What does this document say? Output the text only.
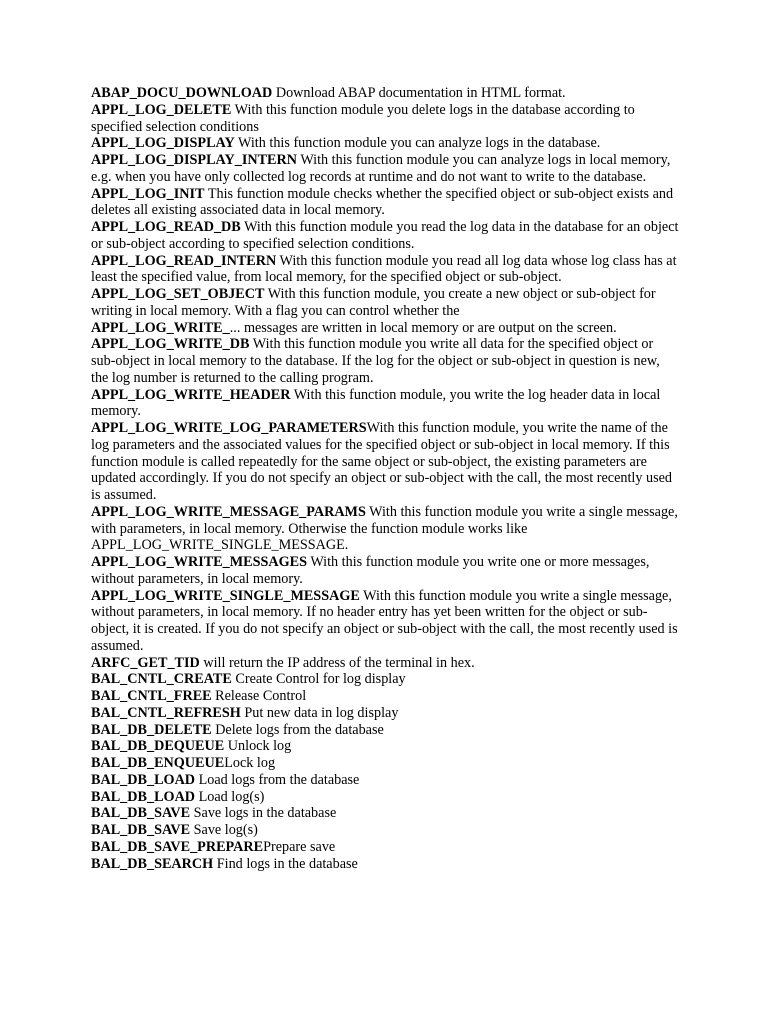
ABAP_DOCU_DOWNLOAD Download ABAP documentation in HTML format.
APPL_LOG_DELETE With this function module you delete logs in the database according to specified selection conditions
APPL_LOG_DISPLAY With this function module you can analyze logs in the database.
APPL_LOG_DISPLAY_INTERN With this function module you can analyze logs in local memory, e.g. when you have only collected log records at runtime and do not want to write to the database.
APPL_LOG_INIT This function module checks whether the specified object or sub-object exists and deletes all existing associated data in local memory.
APPL_LOG_READ_DB With this function module you read the log data in the database for an object or sub-object according to specified selection conditions.
APPL_LOG_READ_INTERN With this function module you read all log data whose log class has at least the specified value, from local memory, for the specified object or sub-object.
APPL_LOG_SET_OBJECT With this function module, you create a new object or sub-object for writing in local memory. With a flag you can control whether the
APPL_LOG_WRITE_... messages are written in local memory or are output on the screen.
APPL_LOG_WRITE_DB With this function module you write all data for the specified object or sub-object in local memory to the database. If the log for the object or sub-object in question is new, the log number is returned to the calling program.
APPL_LOG_WRITE_HEADER With this function module, you write the log header data in local memory.
APPL_LOG_WRITE_LOG_PARAMETERSWith this function module, you write the name of the log parameters and the associated values for the specified object or sub-object in local memory. If this function module is called repeatedly for the same object or sub-object, the existing parameters are updated accordingly. If you do not specify an object or sub-object with the call, the most recently used is assumed.
APPL_LOG_WRITE_MESSAGE_PARAMS With this function module you write a single message, with parameters, in local memory. Otherwise the function module works like APPL_LOG_WRITE_SINGLE_MESSAGE.
APPL_LOG_WRITE_MESSAGES With this function module you write one or more messages, without parameters, in local memory.
APPL_LOG_WRITE_SINGLE_MESSAGE With this function module you write a single message, without parameters, in local memory. If no header entry has yet been written for the object or sub-object, it is created. If you do not specify an object or sub-object with the call, the most recently used is assumed.
ARFC_GET_TID will return the IP address of the terminal in hex.
BAL_CNTL_CREATE Create Control for log display
BAL_CNTL_FREE Release Control
BAL_CNTL_REFRESH Put new data in log display
BAL_DB_DELETE Delete logs from the database
BAL_DB_DEQUEUE Unlock log
BAL_DB_ENQUEUELock log
BAL_DB_LOAD Load logs from the database
BAL_DB_LOAD Load log(s)
BAL_DB_SAVE Save logs in the database
BAL_DB_SAVE Save log(s)
BAL_DB_SAVE_PREPAREPrepare save
BAL_DB_SEARCH Find logs in the database
